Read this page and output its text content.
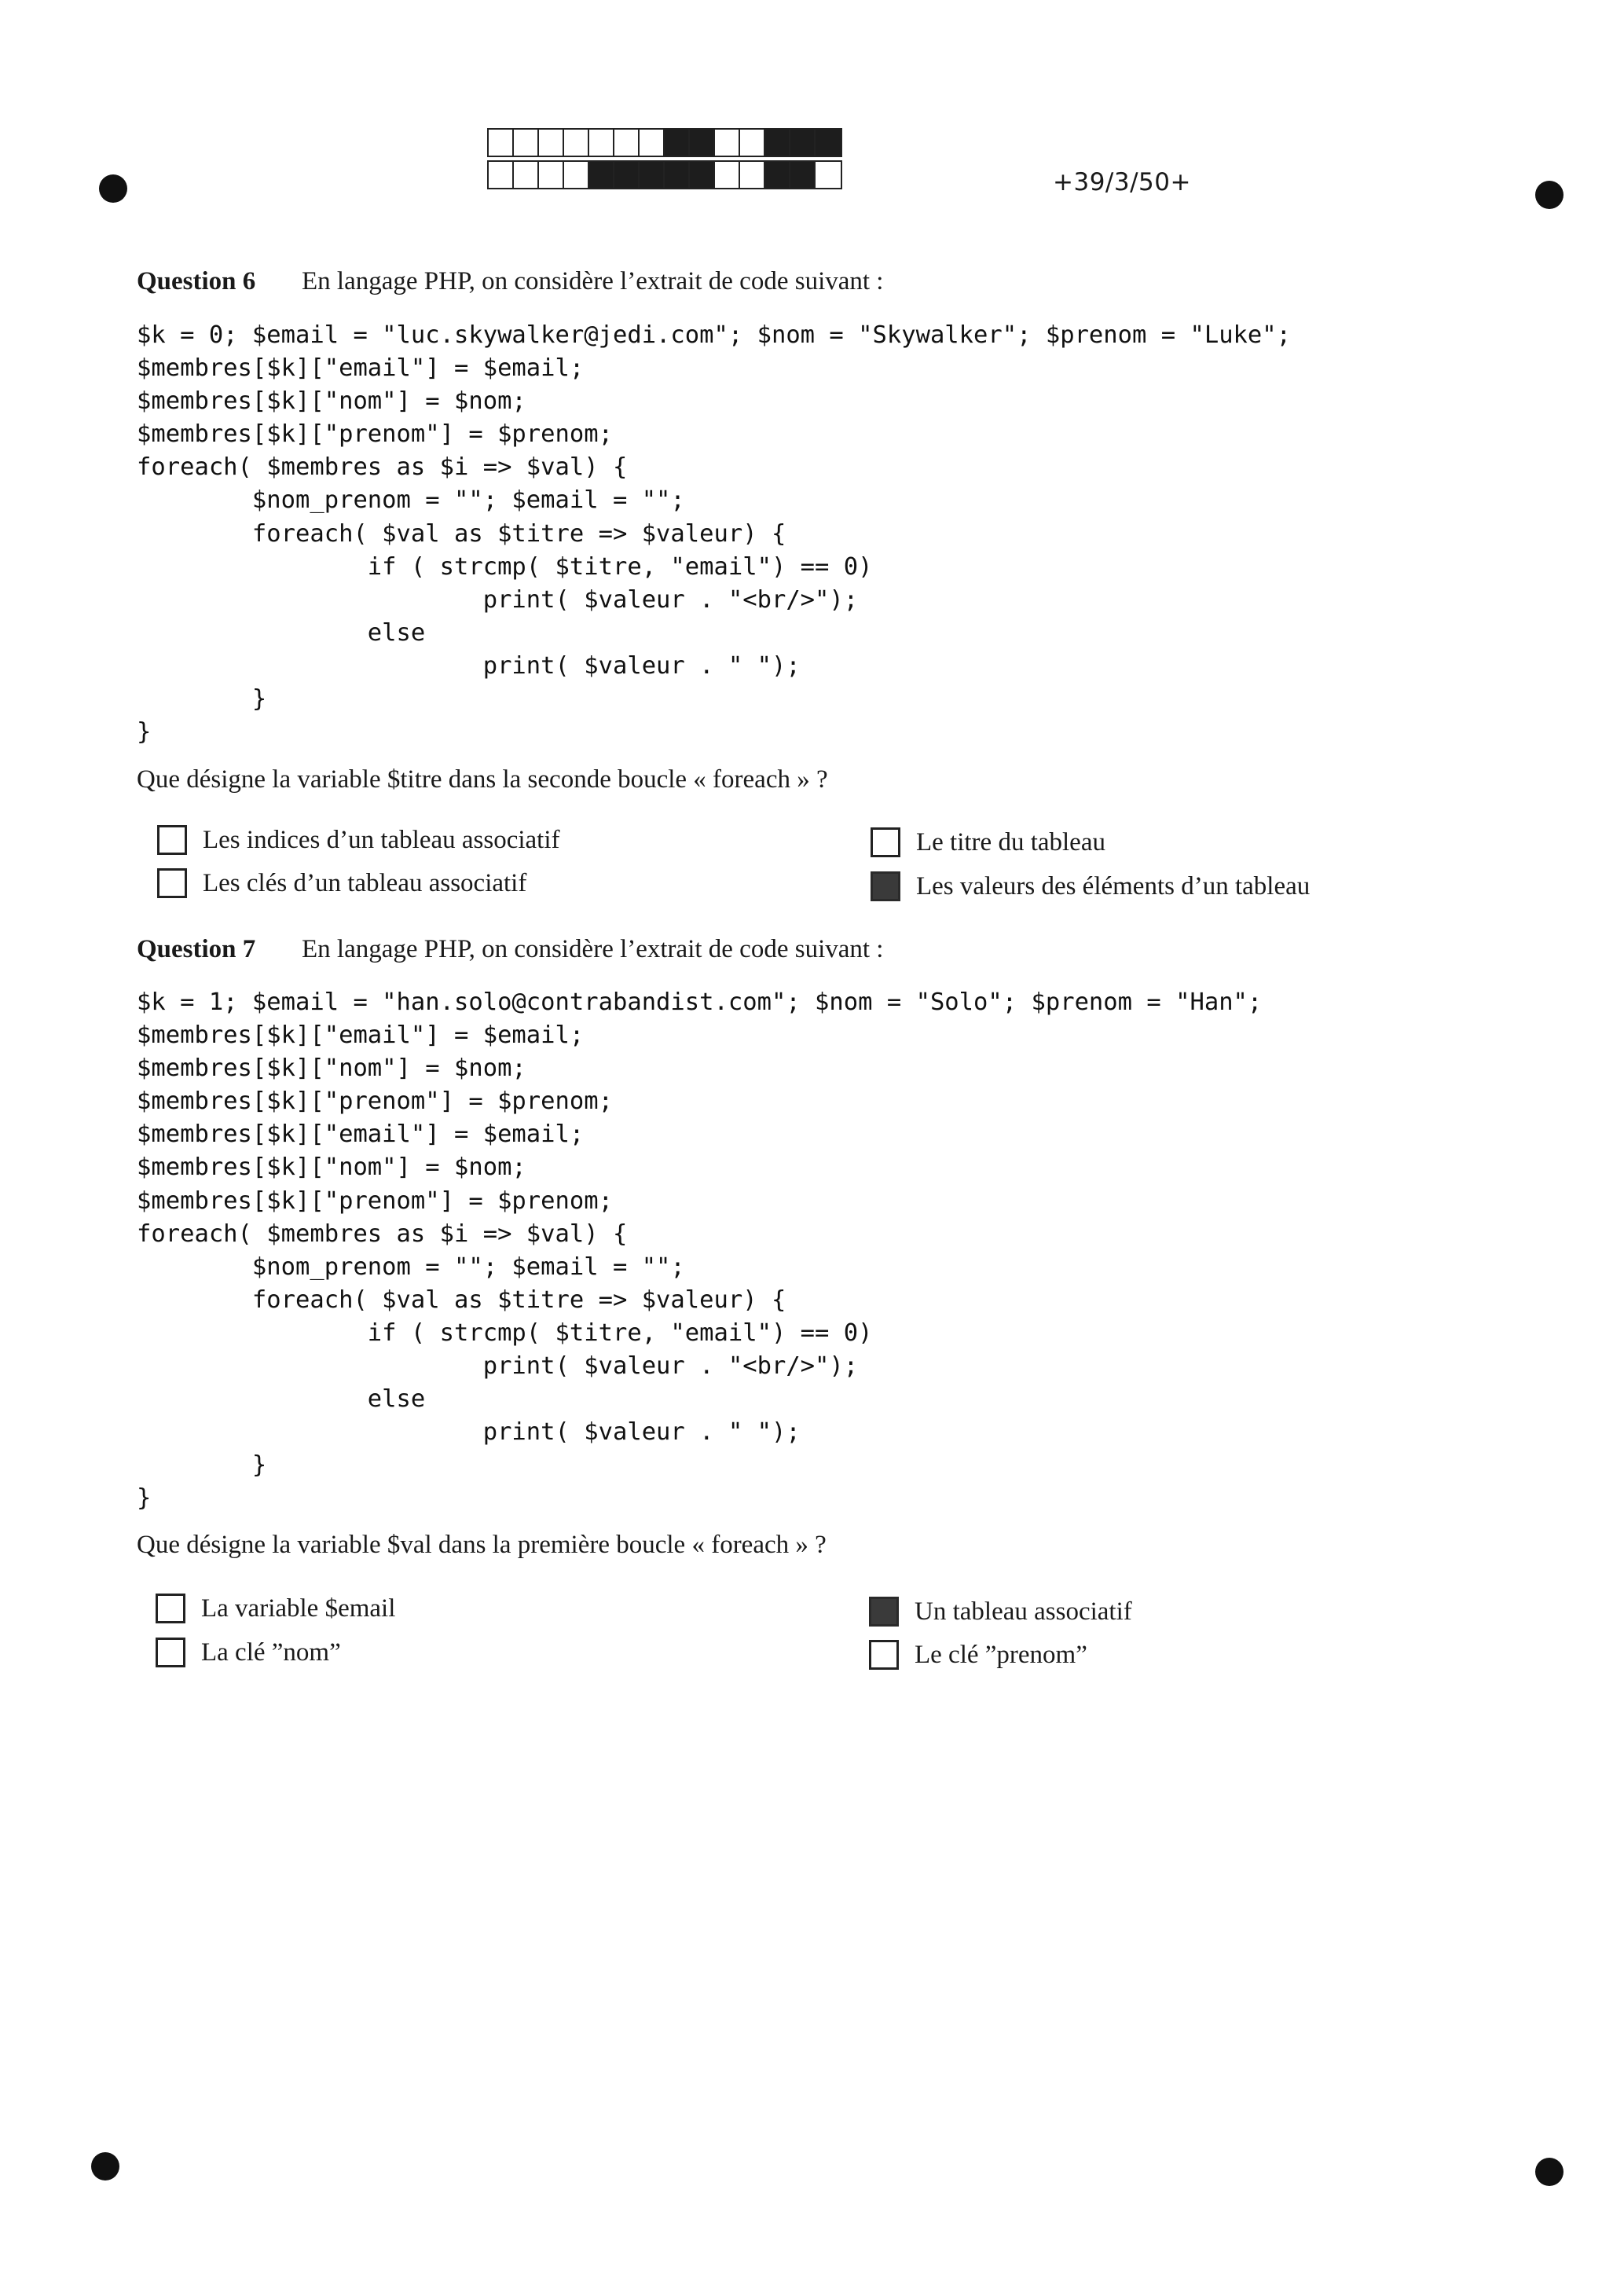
+39/3/50+
Question 6 En langage PHP, on considère l’extrait de code suivant :
$k = 0; $email = "luc.skywalker@jedi.com"; $nom = "Skywalker"; $prenom = "Luke";
$membres[$k]["email"] = $email;
$membres[$k]["nom"] = $nom;
$membres[$k]["prenom"] = $prenom;
foreach( $membres as $i => $val) {
$nom_prenom = ""; $email = "";
foreach( $val as $titre => $valeur) {
if ( strcmp( $titre, "email") == 0)
print( $valeur . "<br/>");
else
print( $valeur . " ");
}
}
Que désigne la variable $titre dans la seconde boucle « foreach » ?
Les indices d’un tableau associatif
Les clés d’un tableau associatif
Le titre du tableau
Les valeurs des éléments d’un tableau
Question 7 En langage PHP, on considère l’extrait de code suivant :
$k = 1; $email = "han.solo@contrabandist.com"; $nom = "Solo"; $prenom = "Han";
$membres[$k]["email"] = $email;
$membres[$k]["nom"] = $nom;
$membres[$k]["prenom"] = $prenom;
$membres[$k]["email"] = $email;
$membres[$k]["nom"] = $nom;
$membres[$k]["prenom"] = $prenom;
foreach( $membres as $i => $val) {
$nom_prenom = ""; $email = "";
foreach( $val as $titre => $valeur) {
if ( strcmp( $titre, "email") == 0)
print( $valeur . "<br/>");
else
print( $valeur . " ");
}
}
Que désigne la variable $val dans la première boucle « foreach » ?
La variable $email
La clé ”nom”
Un tableau associatif
Le clé ”prenom”
